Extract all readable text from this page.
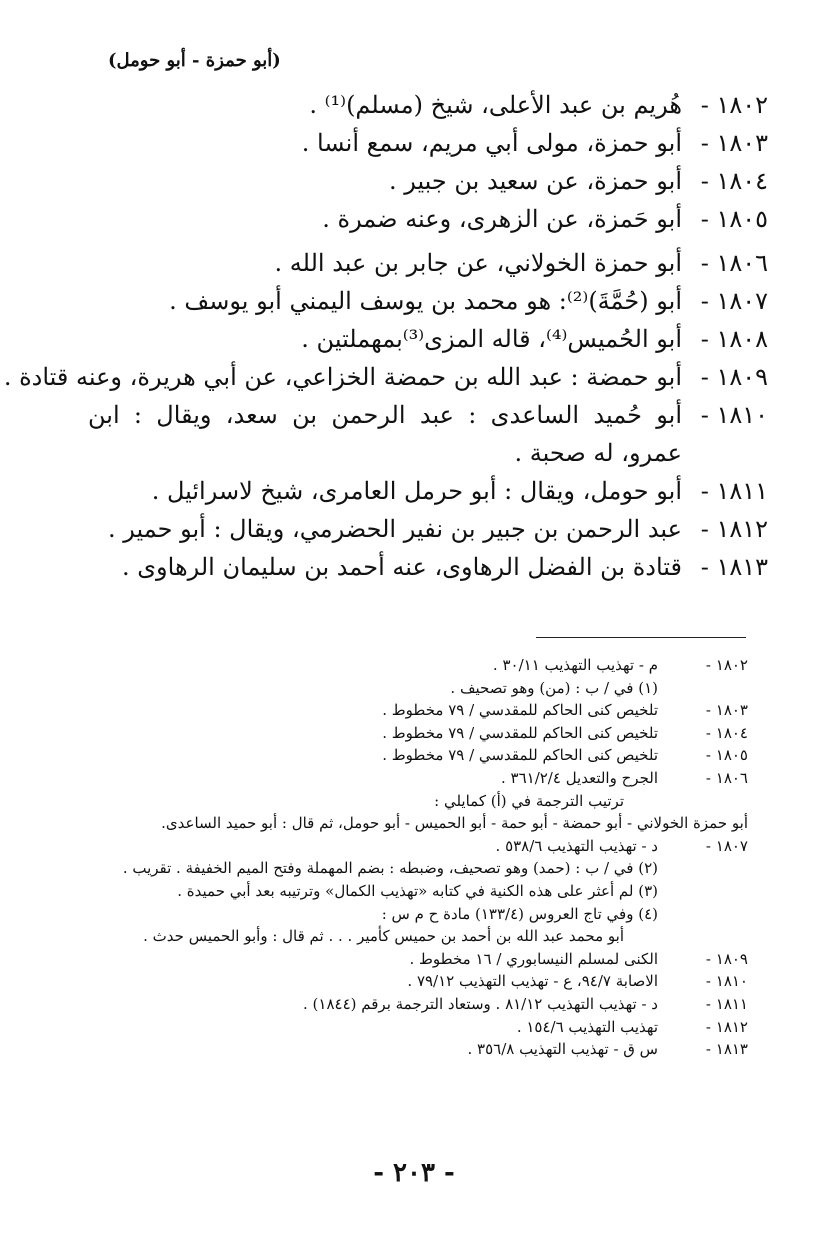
(أبو حمزة - أبو حومل)
١٨٠٢ -
هُريم بن عبد الأعلى، شيخ (مسلم)⁽¹⁾ .
١٨٠٣ -
أبو حمزة، مولى أبي مريم، سمع أنسا .
١٨٠٤ -
أبو حمزة، عن سعيد بن جبير .
١٨٠٥ -
أبو حَمزة، عن الزهرى، وعنه ضمرة .
١٨٠٦ -
أبو حمزة الخولاني، عن جابر بن عبد الله .
١٨٠٧ -
أبو (حُمَّةَ)⁽²⁾: هو محمد بن يوسف اليمني أبو يوسف .
١٨٠٨ -
أبو الحُميس⁽⁴⁾، قاله المزى⁽³⁾بمهملتين .
١٨٠٩ -
أبو حمضة : عبد الله بن حمضة الخزاعي، عن أبي هريرة، وعنه قتادة .
١٨١٠ -
أبو حُميد الساعدى : عبد الرحمن بن سعد، ويقال : ابن عمرو، له صحبة .
١٨١١ -
أبو حومل، ويقال : أبو حرمل العامرى، شيخ لاسرائيل .
١٨١٢ -
عبد الرحمن بن جبير بن نفير الحضرمي، ويقال : أبو حمير .
١٨١٣ -
قتادة بن الفضل الرهاوى، عنه أحمد بن سليمان الرهاوى .
١٨٠٢ -
م - تهذيب التهذيب ٣٠/١١ .
(١) في / ب : (من) وهو تصحيف .
١٨٠٣ -
تلخيص كنى الحاكم للمقدسي / ٧٩ مخطوط .
١٨٠٤ -
تلخيص كنى الحاكم للمقدسي / ٧٩ مخطوط .
١٨٠٥ -
تلخيص كنى الحاكم للمقدسي / ٧٩ مخطوط .
١٨٠٦ -
الجرح والتعديل ٣٦١/٢/٤ .
ترتيب الترجمة في (أ) كمايلي :
أبو حمزة الخولاني - أبو حمضة - أبو حمة - أبو الحميس - أبو حومل، ثم قال : أبو حميد الساعدى.
١٨٠٧ -
د - تهذيب التهذيب ٥٣٨/٦ .
(٢) في / ب : (حمد) وهو تصحيف، وضبطه : بضم المهملة وفتح الميم الخفيفة . تقريب .
(٣) لم أعثر على هذه الكنية في كتابه «تهذيب الكمال» وترتيبه بعد أبي حميدة .
(٤) وفي تاج العروس (١٣٣/٤) مادة ح م س :
أبو محمد عبد الله بن أحمد بن حميس كأمير . . . ثم قال : وأبو الحميس حدث .
١٨٠٩ -
الكنى لمسلم النيسابوري / ١٦ مخطوط .
١٨١٠ -
الاصابة ٩٤/٧، ع - تهذيب التهذيب ٧٩/١٢ .
١٨١١ -
د - تهذيب التهذيب ٨١/١٢ . وستعاد الترجمة برقم (١٨٤٤) .
١٨١٢ -
تهذيب التهذيب ١٥٤/٦ .
١٨١٣ -
س ق - تهذيب التهذيب ٣٥٦/٨ .
- ٢٠٣ -
